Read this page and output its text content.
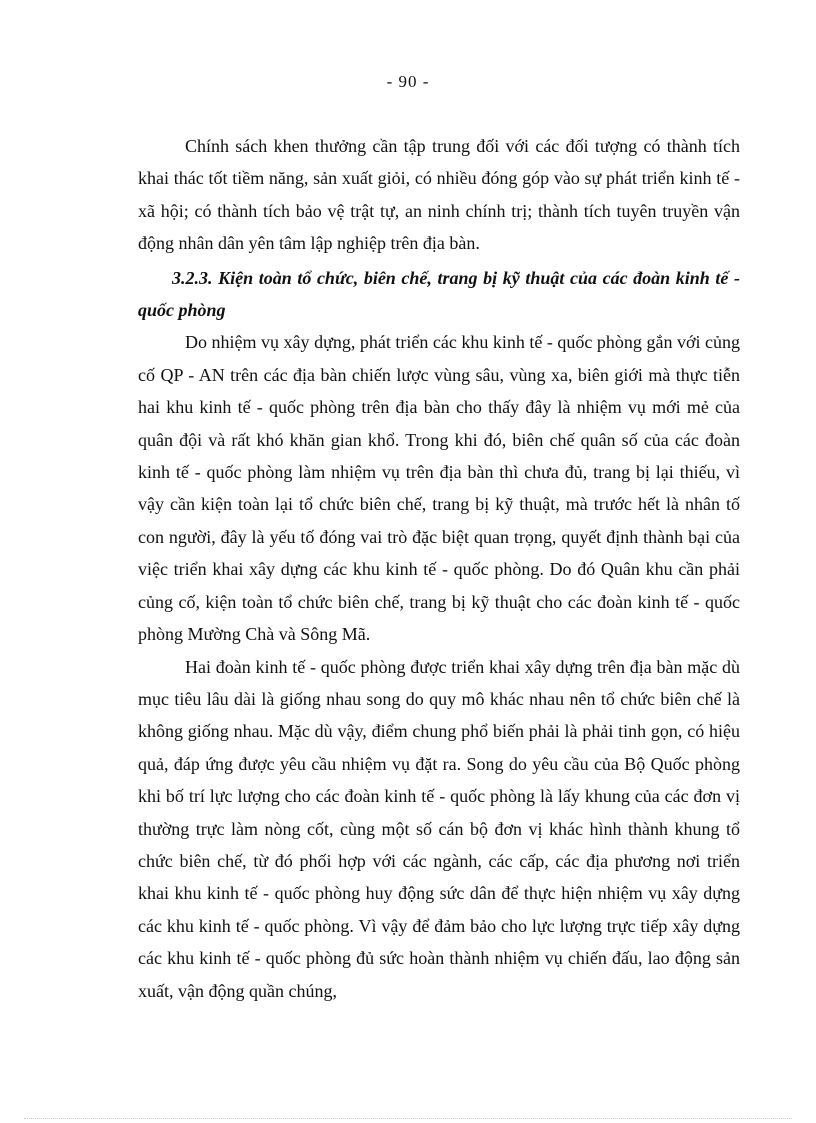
- 90 -

Chính sách khen thưởng cần tập trung đối với các đối tượng có thành tích khai thác tốt tiềm năng, sản xuất giỏi, có nhiều đóng góp vào sự phát triển kinh tế - xã hội; có thành tích bảo vệ trật tự, an ninh chính trị; thành tích tuyên truyền vận động nhân dân yên tâm lập nghiệp trên địa bàn.

3.2.3. Kiện toàn tổ chức, biên chế, trang bị kỹ thuật của các đoàn kinh tế - quốc phòng

Do nhiệm vụ xây dựng, phát triển các khu kinh tế - quốc phòng gắn với củng cố QP - AN trên các địa bàn chiến lược vùng sâu, vùng xa, biên giới mà thực tiễn hai khu kinh tế - quốc phòng trên địa bàn cho thấy đây là nhiệm vụ mới mẻ của quân đội và rất khó khăn gian khổ. Trong khi đó, biên chế quân số của các đoàn kinh tế - quốc phòng làm nhiệm vụ trên địa bàn thì chưa đủ, trang bị lại thiếu, vì vậy cần kiện toàn lại tổ chức biên chế, trang bị kỹ thuật, mà trước hết là nhân tố con người, đây là yếu tố đóng vai trò đặc biệt quan trọng, quyết định thành bại của việc triển khai xây dựng các khu kinh tế - quốc phòng. Do đó Quân khu cần phải củng cố, kiện toàn tổ chức biên chế, trang bị kỹ thuật cho các đoàn kinh tế - quốc phòng Mường Chà và Sông Mã.

Hai đoàn kinh tế - quốc phòng được triển khai xây dựng trên địa bàn mặc dù mục tiêu lâu dài là giống nhau song do quy mô khác nhau nên tổ chức biên chế là không giống nhau. Mặc dù vậy, điểm chung phổ biến phải là phải tinh gọn, có hiệu quả, đáp ứng được yêu cầu nhiệm vụ đặt ra. Song do yêu cầu của Bộ Quốc phòng khi bố trí lực lượng cho các đoàn kinh tế - quốc phòng là lấy khung của các đơn vị thường trực làm nòng cốt, cùng một số cán bộ đơn vị khác hình thành khung tổ chức biên chế, từ đó phối hợp với các ngành, các cấp, các địa phương nơi triển khai khu kinh tế - quốc phòng huy động sức dân để thực hiện nhiệm vụ xây dựng các khu kinh tế - quốc phòng. Vì vậy để đảm bảo cho lực lượng trực tiếp xây dựng các khu kinh tế - quốc phòng đủ sức hoàn thành nhiệm vụ chiến đấu, lao động sản xuất, vận động quần chúng,
